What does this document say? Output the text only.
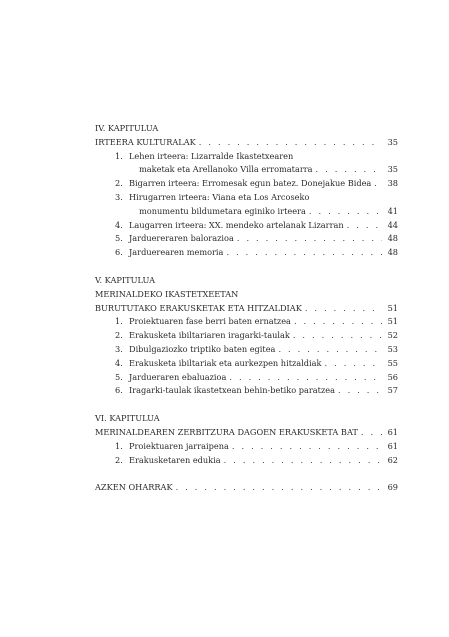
IV. KAPITULUA
IRTEERA KULTURALAK . . .	35
1. Lehen irteera: Lizarralde Ikastetxearen
maketak eta Arellanoko Villa erromatarra . . .	35
2. Bigarren irteera: Erromesak egun batez. Donejakue Bidea . . .	38
3. Hirugarren irteera: Viana eta Los Arcoseko
monumentu bildumetara eginiko irteera . . .	41
4. Laugarren irteera: XX. mendeko artelanak Lizarran . . .	44
5. Jarduereraren balorazioa . . .	48
6. Jarduerearen memoria . . .	48
V. KAPITULUA
MERINALDEKO IKASTETXEETAN
BURUTUTAKO ERAKUSKETAK ETA HITZALDIAK . . .	51
1. Proiektuaren fase berri baten ernatzea . . .	51
2. Erakusketa ibiltariaren iragarki-taulak . . .	52
3. Dibulgaziozko triptiko baten egitea . . .	53
4. Erakusketa ibiltariak eta aurkezpen hitzaldiak . . .	55
5. Jardueraren ebaluazioa . . .	56
6. Iragarki-taulak ikastetxean behin-betiko paratzea . . .	57
VI. KAPITULUA
MERINALDEAREN ZERBITZURA DAGOEN ERAKUSKETA BAT . . .	61
1. Proiektuaren jarraipena . . .	61
2. Erakusketaren edukia . . .	62
AZKEN OHARRAK . . .	69
